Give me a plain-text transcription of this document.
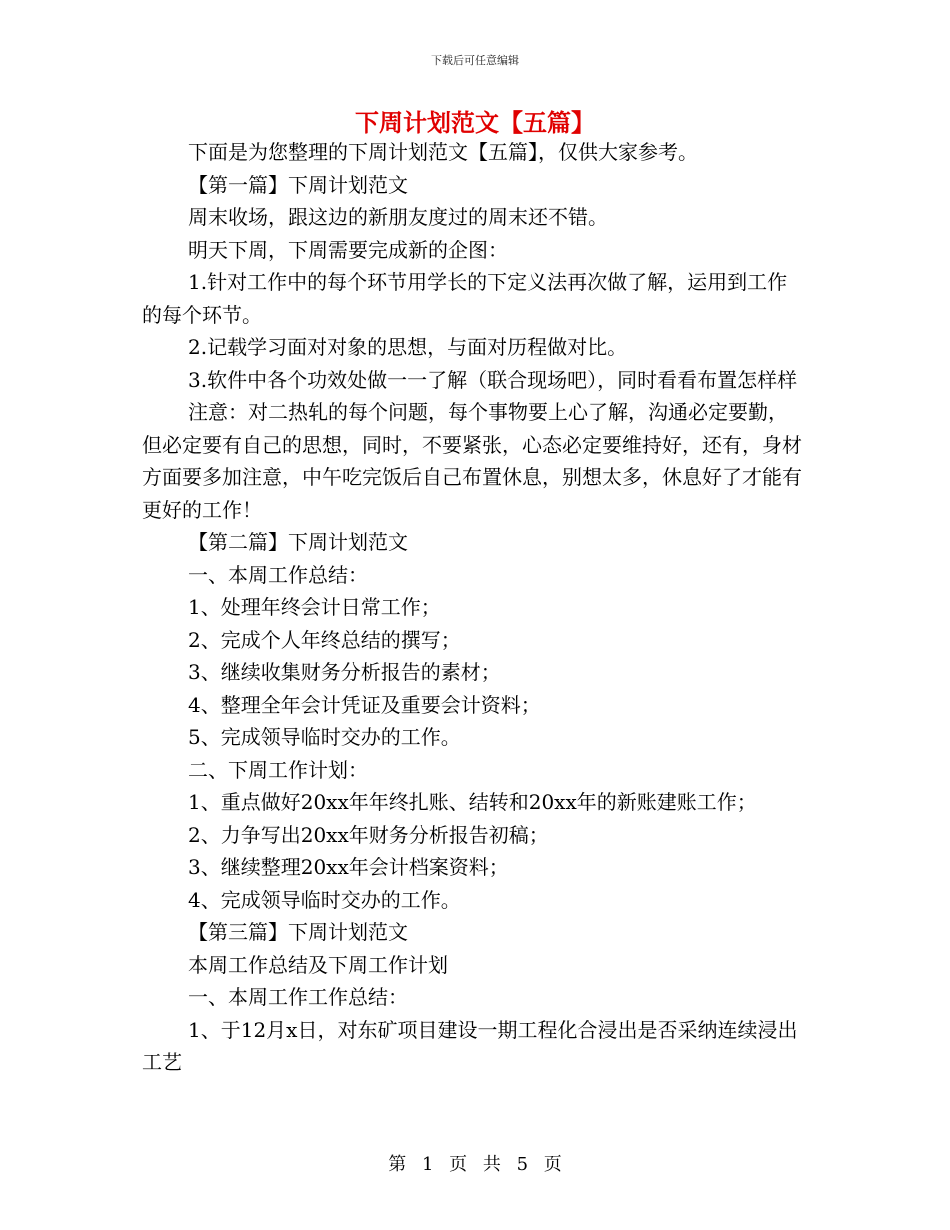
下载后可任意编辑
下周计划范文【五篇】

下面是为您整理的下周计划范文【五篇】，仅供大家参考。

【第一篇】下周计划范文

周末收场，跟这边的新朋友度过的周末还不错。

明天下周，下周需要完成新的企图：

1.针对工作中的每个环节用学长的下定义法再次做了解，运用到工作的每个环节。

2.记载学习面对对象的思想，与面对历程做对比。

3.软件中各个功效处做一一了解（联合现场吧），同时看看布置怎样样

注意：对二热轧的每个问题，每个事物要上心了解，沟通必定要勤，但必定要有自己的思想，同时，不要紧张，心态必定要维持好，还有，身材方面要多加注意，中午吃完饭后自己布置休息，别想太多，休息好了才能有更好的工作！

【第二篇】下周计划范文

一、本周工作总结：

1、处理年终会计日常工作；

2、完成个人年终总结的撰写；

3、继续收集财务分析报告的素材；

4、整理全年会计凭证及重要会计资料；

5、完成领导临时交办的工作。

二、下周工作计划：

1、重点做好20xx年年终扎账、结转和20xx年的新账建账工作；

2、力争写出20xx年财务分析报告初稿；

3、继续整理20xx年会计档案资料；

4、完成领导临时交办的工作。

【第三篇】下周计划范文

本周工作总结及下周工作计划

一、本周工作工作总结：

1、于12月x日，对东矿项目建设一期工程化合浸出是否采纳连续浸出工艺

第 1 页 共 5 页
